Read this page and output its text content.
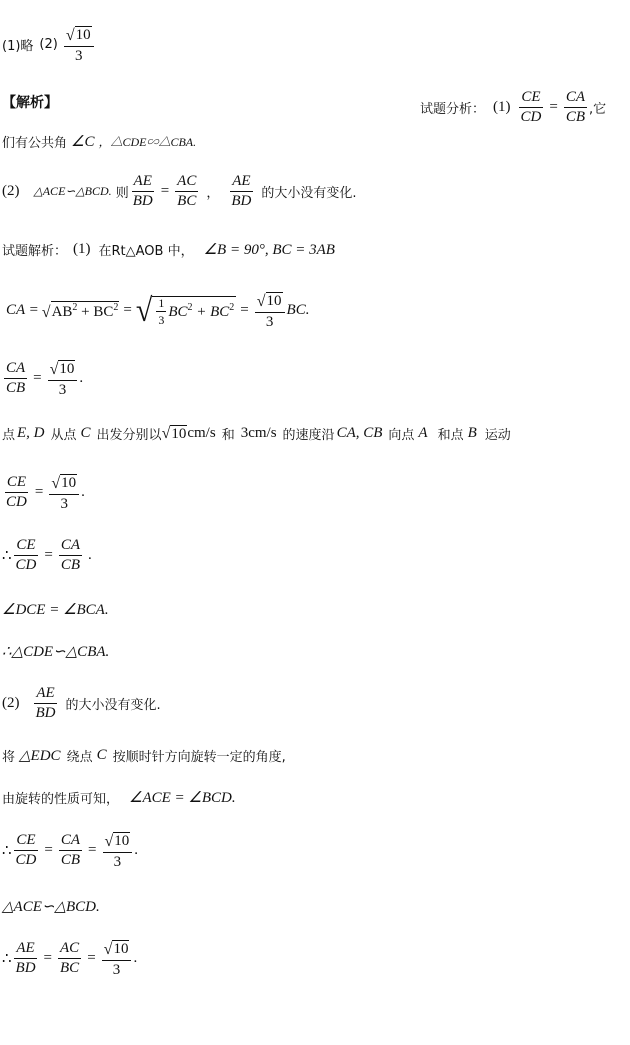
(1)略 $(2) \frac{√ 10}{3}$
【解析】	试题分析： $(1) \frac{CE}{CD} = \frac{CA}{CB}$ ,它
们有公共角 ∠C ，△CDE∽△CBA.
(2) △ACE∽△BCD. 则 $\frac{AE}{BD} = \frac{AC}{BC}$ ， $\frac{AE}{BD}$ 的大小没有变化.
试题解析： (1) 在Rt△AOB 中， ∠B = 90°, BC = 3AB
CA = √ $AB^2 + BC^2$ = √ $\frac{1}{3} BC^2 + BC^2 = \frac{√ 10}{3}$ BC.
$\frac{CA}{CB} = \frac{√ 10}{3}$ .
点 E, D 从点 C 出发分别以 √ 10 cm/s 和 3cm/s 的速度沿 CA, CB 向点 A 和点 B 运动
$\frac{CE}{CD} = \frac{√ 10}{3}$ .
∴ $\frac{CE}{CD} = \frac{CA}{CB}$ .
∠DCE = ∠BCA.
∴△CDE∽△CBA.
$(2) \frac{AE}{BD}$ 的大小没有变化.
将 △EDC 绕点 C 按顺时针方向旋转一定的角度,
由旋转的性质可知， ∠ACE = ∠BCD.
∴ $\frac{CE}{CD} = \frac{CA}{CB} = \frac{√ 10}{3}$ .
△ACE∽△BCD.
∴ $\frac{AE}{BD} = \frac{AC}{BC} = \frac{√ 10}{3}$ .
